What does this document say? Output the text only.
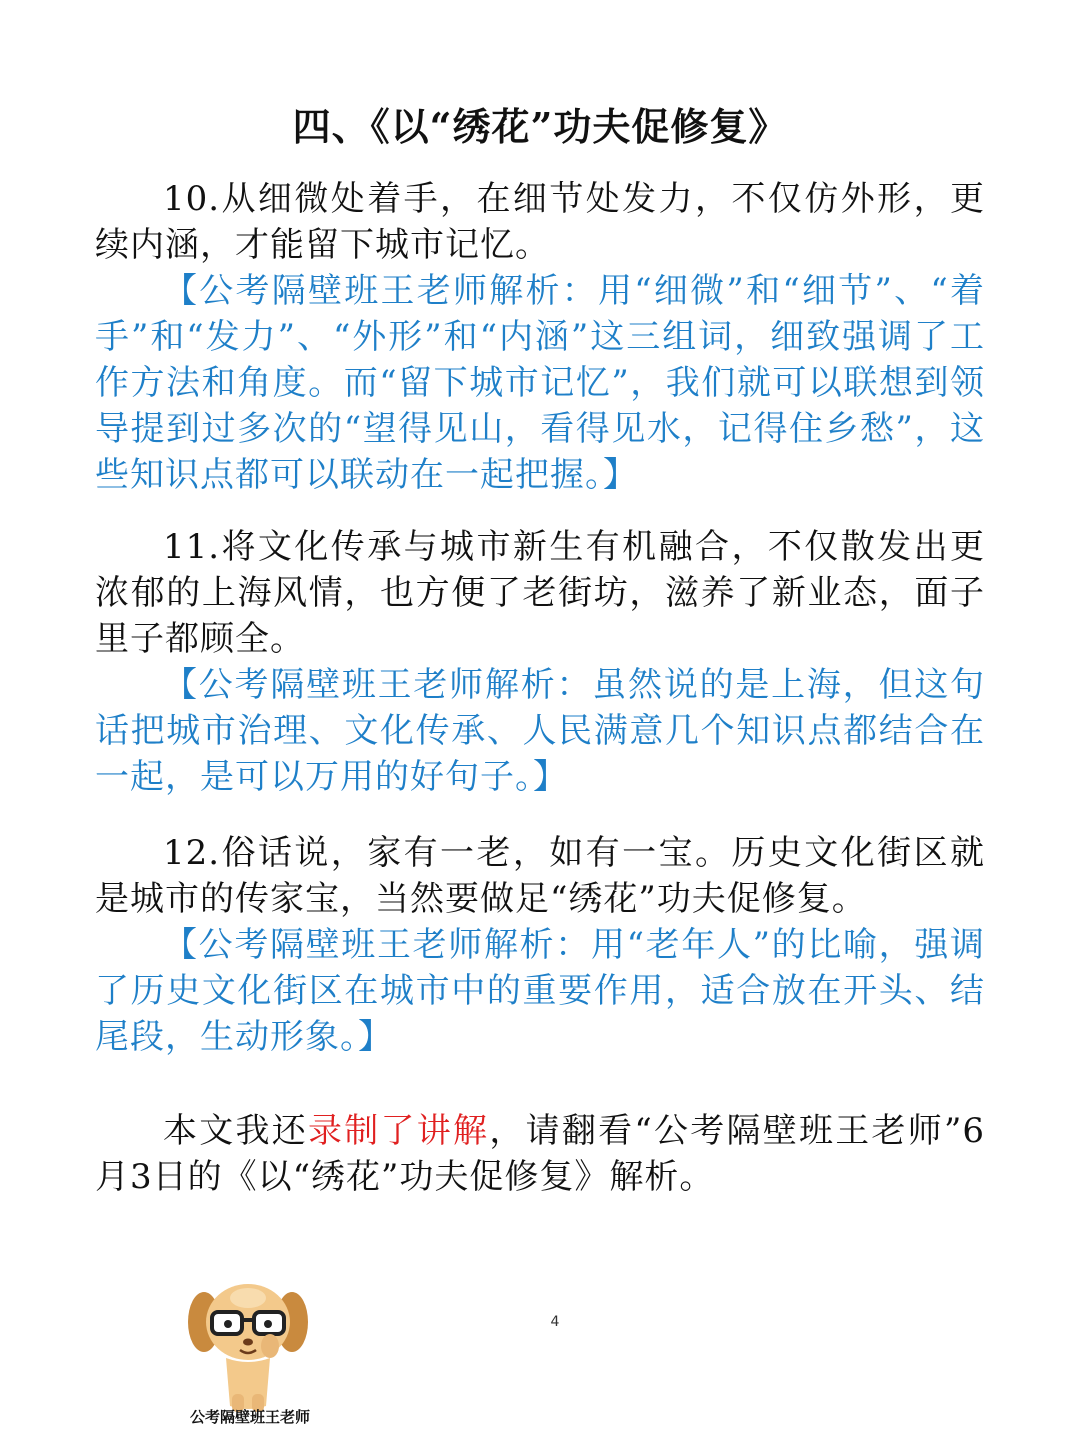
四、《以“绣花”功夫促修复》

10.从细微处着手，在细节处发力，不仅仿外形，更续内涵，才能留下城市记忆。

【公考隔壁班王老师解析：用“细微”和“细节”、“着手”和“发力”、“外形”和“内涵”这三组词，细致强调了工作方法和角度。而“留下城市记忆”，我们就可以联想到领导提到过多次的“望得见山，看得见水，记得住乡愁”，这些知识点都可以联动在一起把握。】

11.将文化传承与城市新生有机融合，不仅散发出更浓郁的上海风情，也方便了老街坊，滋养了新业态，面子里子都顾全。

【公考隔壁班王老师解析：虽然说的是上海，但这句话把城市治理、文化传承、人民满意几个知识点都结合在一起，是可以万用的好句子。】

12.俗话说，家有一老，如有一宝。历史文化街区就是城市的传家宝，当然要做足“绣花”功夫促修复。

【公考隔壁班王老师解析：用“老年人”的比喻，强调了历史文化街区在城市中的重要作用，适合放在开头、结尾段，生动形象。】

本文我还录制了讲解，请翻看“公考隔壁班王老师”6月3日的《以“绣花”功夫促修复》解析。

公考隔壁班王老师
4
